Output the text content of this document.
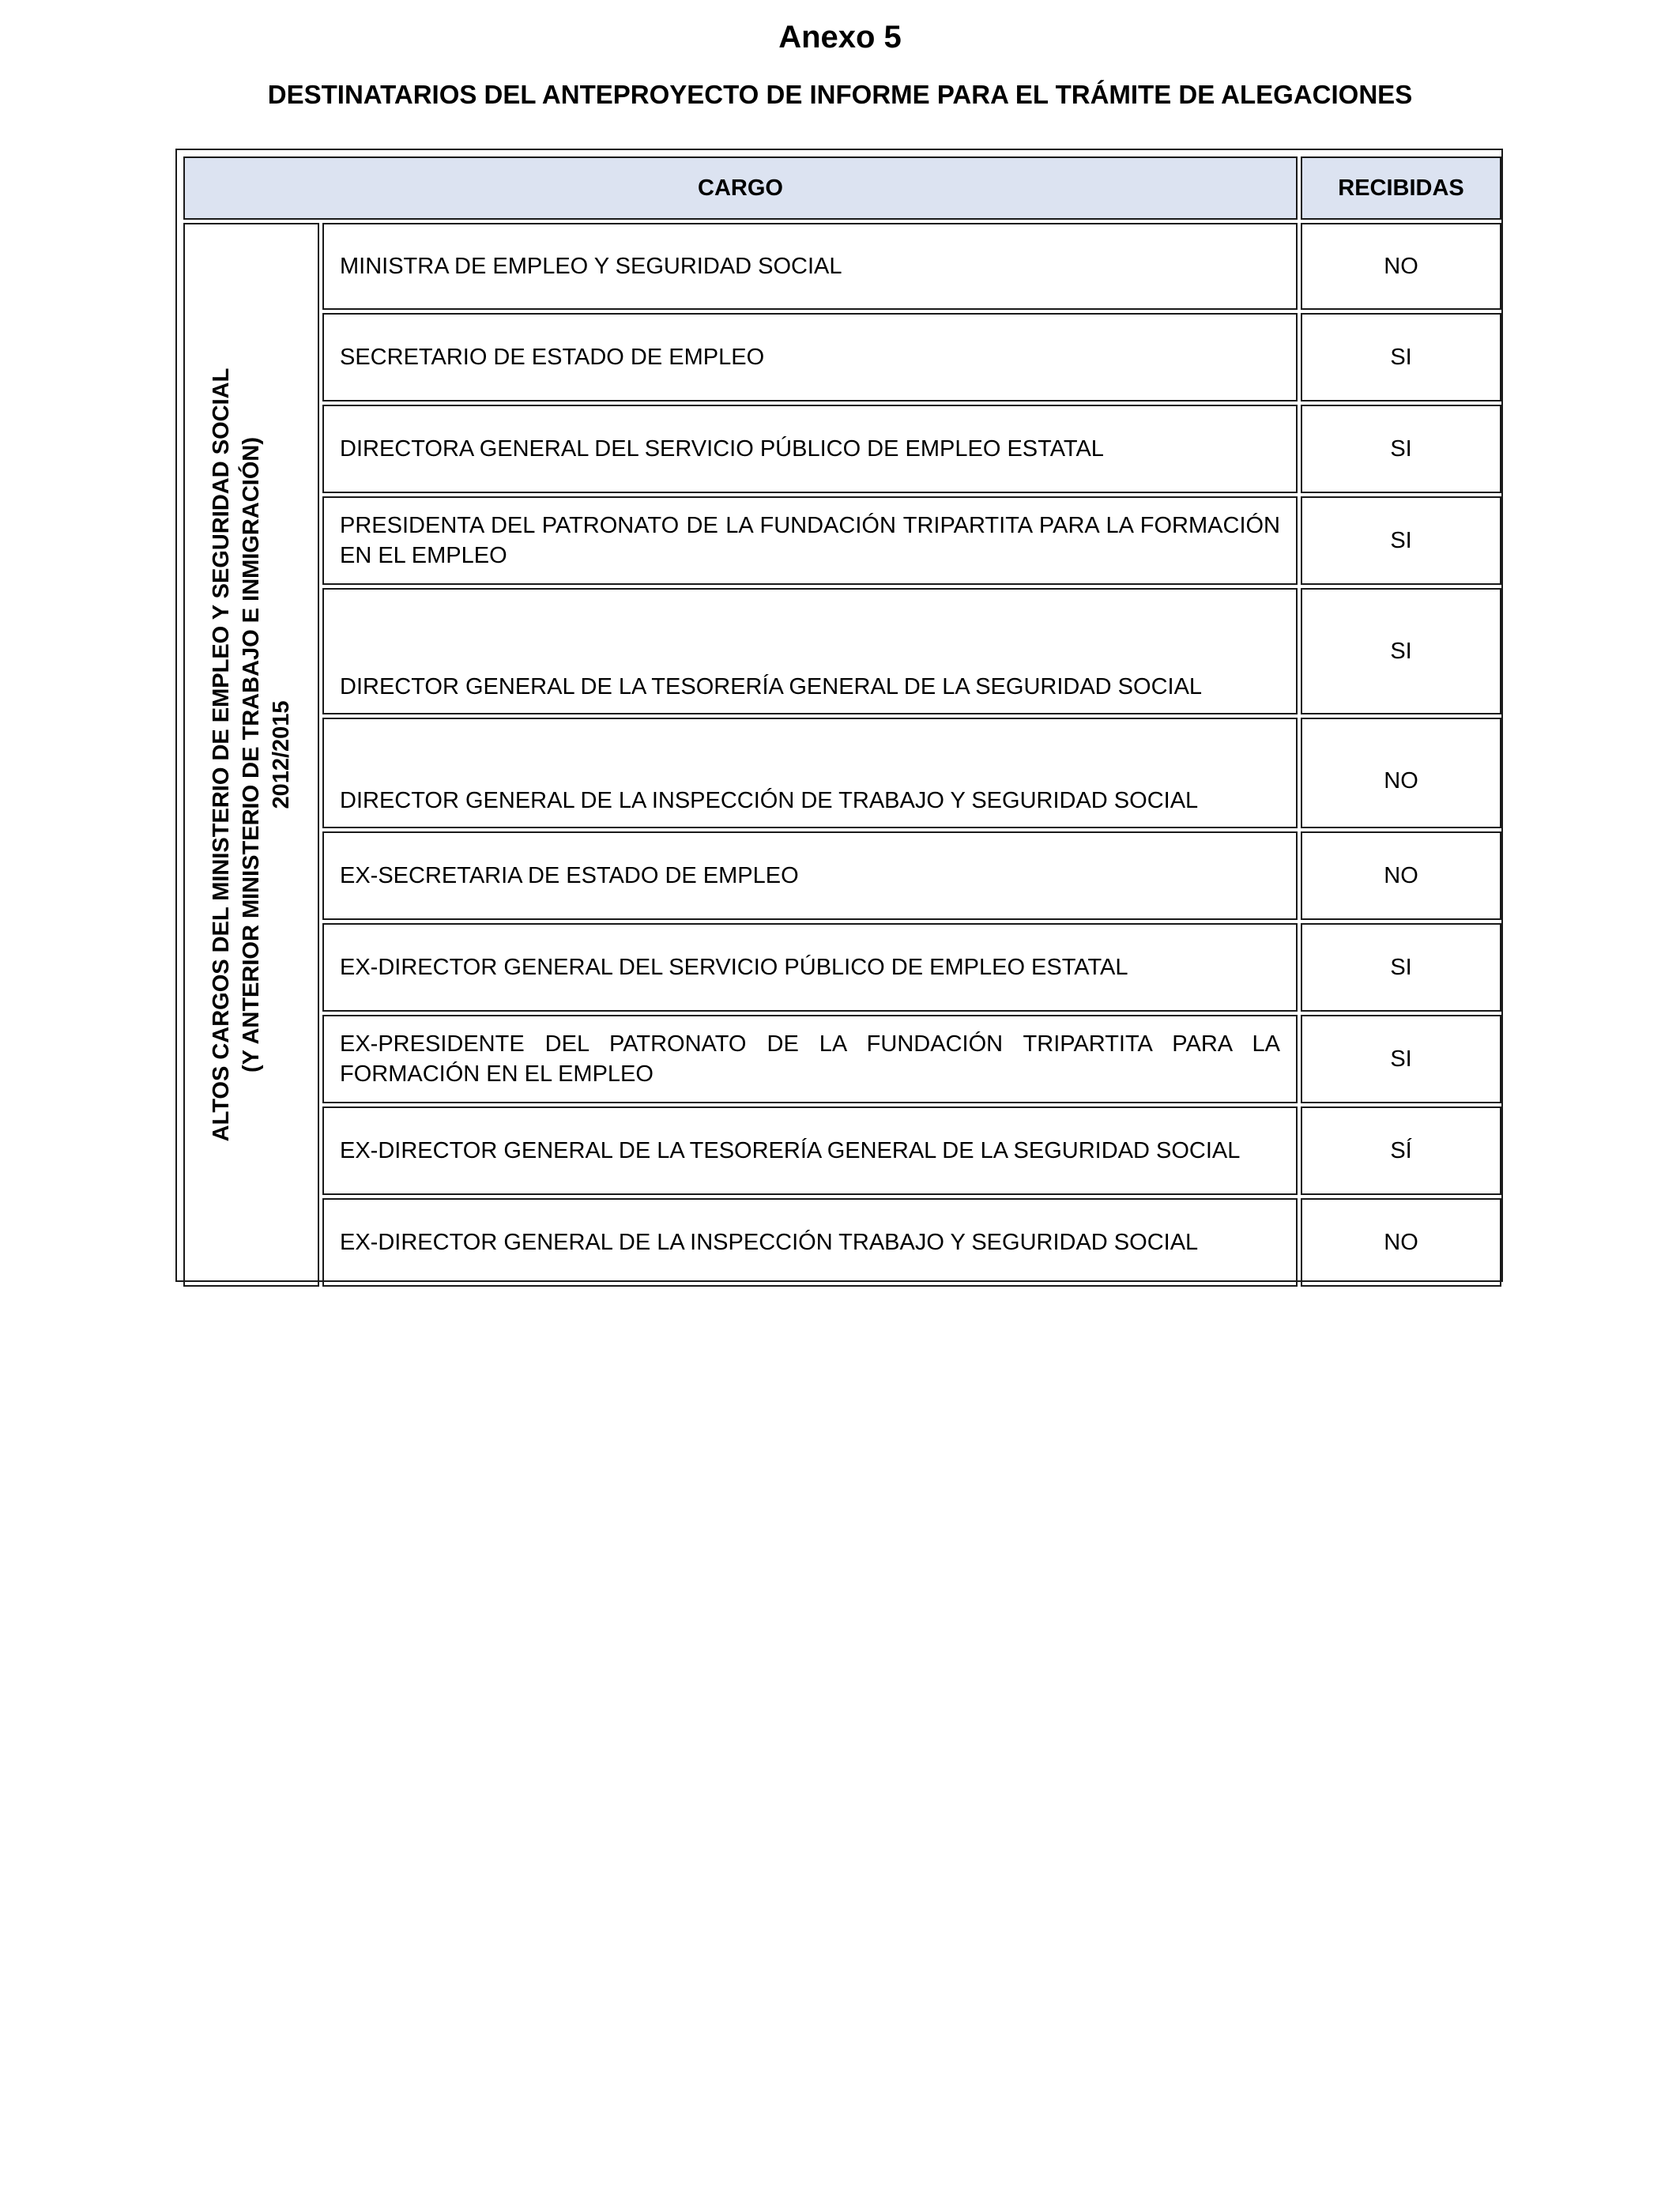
Anexo 5
DESTINATARIOS DEL ANTEPROYECTO DE INFORME PARA EL TRÁMITE DE ALEGACIONES
CARGO		RECIBIDAS

ALTOS CARGOS DEL MINISTERIO DE EMPLEO Y SEGURIDAD SOCIAL (Y ANTERIOR MINISTERIO DE TRABAJO E INMIGRACIÓN) 2012/2015	MINISTRA DE EMPLEO Y SEGURIDAD SOCIAL	NO
	SECRETARIO DE ESTADO DE EMPLEO	SI
	DIRECTORA GENERAL DEL SERVICIO PÚBLICO DE EMPLEO ESTATAL	SI
	PRESIDENTA DEL PATRONATO DE LA FUNDACIÓN TRIPARTITA PARA LA FORMACIÓN EN EL EMPLEO	SI
	DIRECTOR GENERAL DE LA TESORERÍA GENERAL DE LA SEGURIDAD SOCIAL	SI
	DIRECTOR GENERAL DE LA INSPECCIÓN DE TRABAJO Y SEGURIDAD SOCIAL	NO
	EX-SECRETARIA DE ESTADO DE EMPLEO	NO
	EX-DIRECTOR GENERAL DEL SERVICIO PÚBLICO DE EMPLEO ESTATAL	SI
	EX-PRESIDENTE DEL PATRONATO DE LA FUNDACIÓN TRIPARTITA PARA LA FORMACIÓN EN EL EMPLEO	SI
	EX-DIRECTOR GENERAL DE LA TESORERÍA GENERAL DE LA SEGURIDAD SOCIAL	SÍ
	EX-DIRECTOR GENERAL DE LA INSPECCIÓN TRABAJO Y SEGURIDAD SOCIAL	NO
